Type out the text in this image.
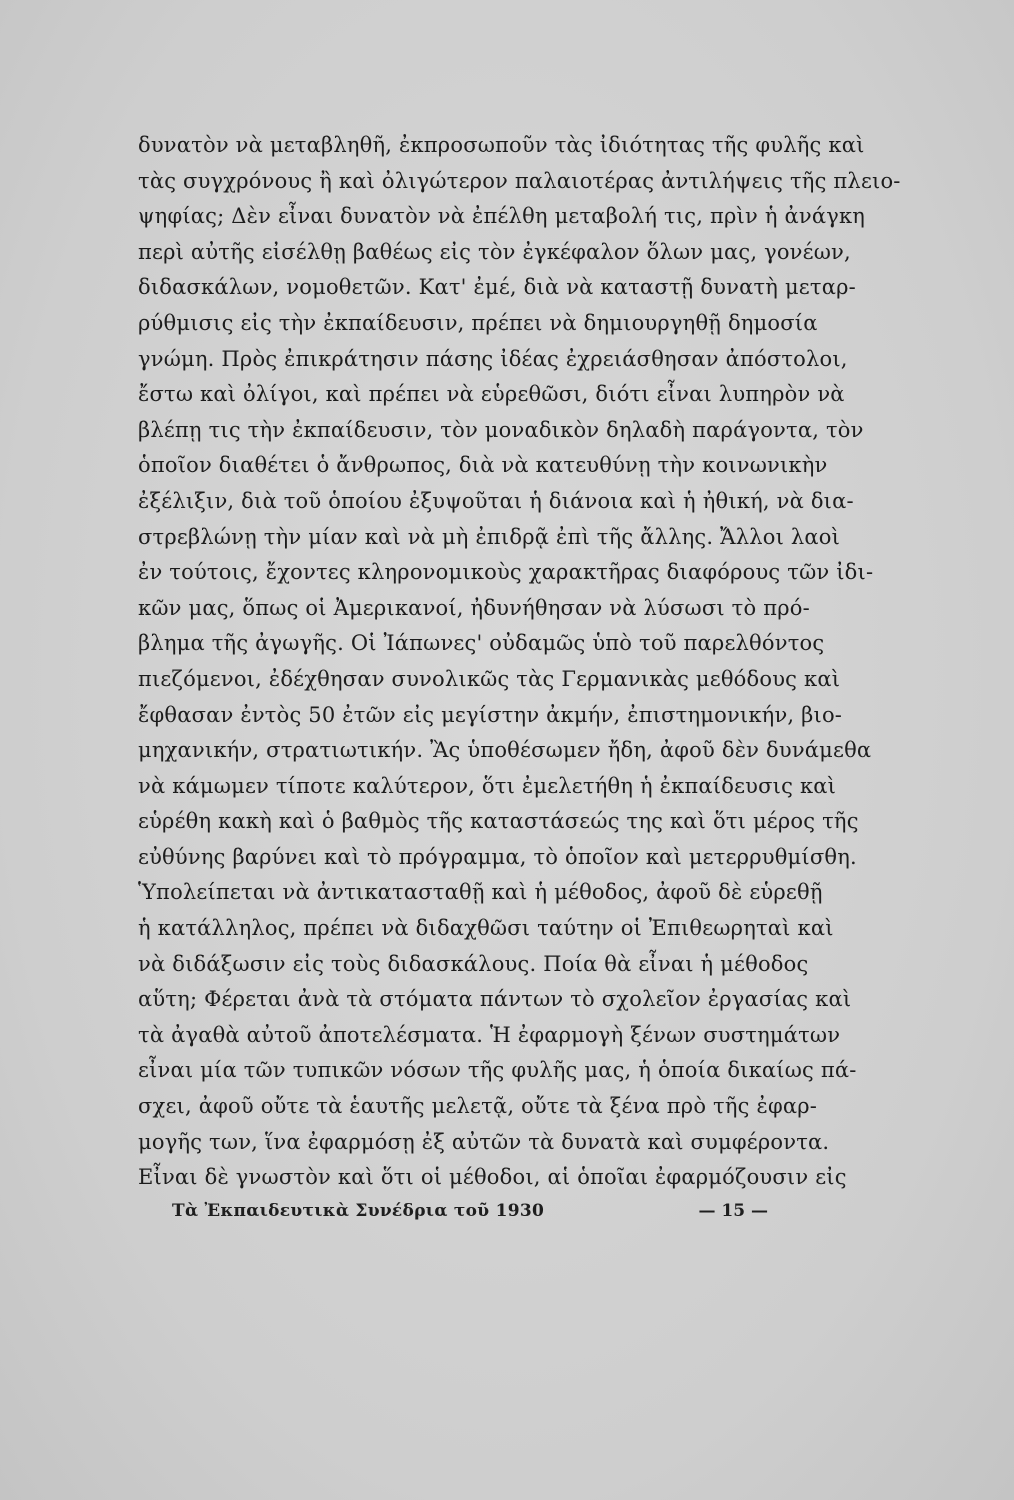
δυνατὸν νὰ μεταβληθῆ, ἐκπροσωποῦν τὰς ἰδιότητας τῆς φυλῆς καὶ
τὰς συγχρόνους ἢ καὶ ὀλιγώτερον παλαιοτέρας ἀντιλήψεις τῆς πλειο-
ψηφίας; Δὲν εἶναι δυνατὸν νὰ ἐπέλθη μεταβολή τις, πρὶν ἡ ἀνάγκη
περὶ αὐτῆς εἰσέλθῃ βαθέως εἰς τὸν ἐγκέφαλον ὅλων μας, γονέων,
διδασκάλων, νομοθετῶν. Κατ' ἐμέ, διὰ νὰ καταστῇ δυνατὴ μεταρ-
ρύθμισις εἰς τὴν ἐκπαίδευσιν, πρέπει νὰ δημιουργηθῇ δημοσία
γνώμη. Πρὸς ἐπικράτησιν πάσης ἰδέας ἐχρειάσθησαν ἀπόστολοι,
ἔστω καὶ ὀλίγοι, καὶ πρέπει νὰ εὑρεθῶσι, διότι εἶναι λυπηρὸν νὰ
βλέπῃ τις τὴν ἐκπαίδευσιν, τὸν μοναδικὸν δηλαδὴ παράγοντα, τὸν
ὁποῖον διαθέτει ὁ ἄνθρωπος, διὰ νὰ κατευθύνῃ τὴν κοινωνικὴν
ἐξέλιξιν, διὰ τοῦ ὁποίου ἐξυψοῦται ἡ διάνοια καὶ ἡ ἠθική, νὰ δια-
στρεβλώνῃ τὴν μίαν καὶ νὰ μὴ ἐπιδρᾷ ἐπὶ τῆς ἄλλης. Ἄλλοι λαοὶ
ἐν τούτοις, ἔχοντες κληρονομικοὺς χαρακτῆρας διαφόρους τῶν ἰδι-
κῶν μας, ὅπως οἱ Ἀμερικανοί, ἠδυνήθησαν νὰ λύσωσι τὸ πρό-
βλημα τῆς ἀγωγῆς. Οἱ Ἰάπωνες' οὐδαμῶς ὑπὸ τοῦ παρελθόντος
πιεζόμενοι, ἐδέχθησαν συνολικῶς τὰς Γερμανικὰς μεθόδους καὶ
ἔφθασαν ἐντὸς 50 ἐτῶν εἰς μεγίστην ἀκμήν, ἐπιστημονικήν, βιο-
μηχανικήν, στρατιωτικήν. Ἂς ὑποθέσωμεν ἤδη, ἀφοῦ δὲν δυνάμεθα
νὰ κάμωμεν τίποτε καλύτερον, ὅτι ἐμελετήθη ἡ ἐκπαίδευσις καὶ
εὑρέθη κακὴ καὶ ὁ βαθμὸς τῆς καταστάσεώς της καὶ ὅτι μέρος τῆς
εὐθύνης βαρύνει καὶ τὸ πρόγραμμα, τὸ ὁποῖον καὶ μετερρυθμίσθη.
Ὑπολείπεται νὰ ἀντικατασταθῇ καὶ ἡ μέθοδος, ἀφοῦ δὲ εὑρεθῇ
ἡ κατάλληλος, πρέπει νὰ διδαχθῶσι ταύτην οἱ Ἐπιθεωρηταὶ καὶ
νὰ διδάξωσιν εἰς τοὺς διδασκάλους. Ποία θὰ εἶναι ἡ μέθοδος
αὕτη; Φέρεται ἀνὰ τὰ στόματα πάντων τὸ σχολεῖον ἐργασίας καὶ
τὰ ἀγαθὰ αὐτοῦ ἀποτελέσματα. Ἡ ἐφαρμογὴ ξένων συστημάτων
εἶναι μία τῶν τυπικῶν νόσων τῆς φυλῆς μας, ἡ ὁποία δικαίως πά-
σχει, ἀφοῦ οὔτε τὰ ἑαυτῆς μελετᾷ, οὔτε τὰ ξένα πρὸ τῆς ἐφαρ-
μογῆς των, ἵνα ἐφαρμόσῃ ἐξ αὐτῶν τὰ δυνατὰ καὶ συμφέροντα.
Εἶναι δὲ γνωστὸν καὶ ὅτι οἱ μέθοδοι, αἱ ὁποῖαι ἐφαρμόζουσιν εἰς
Τὰ Ἐκπαιδευτικὰ Συνέδρια τοῦ 1930	— 15 —
